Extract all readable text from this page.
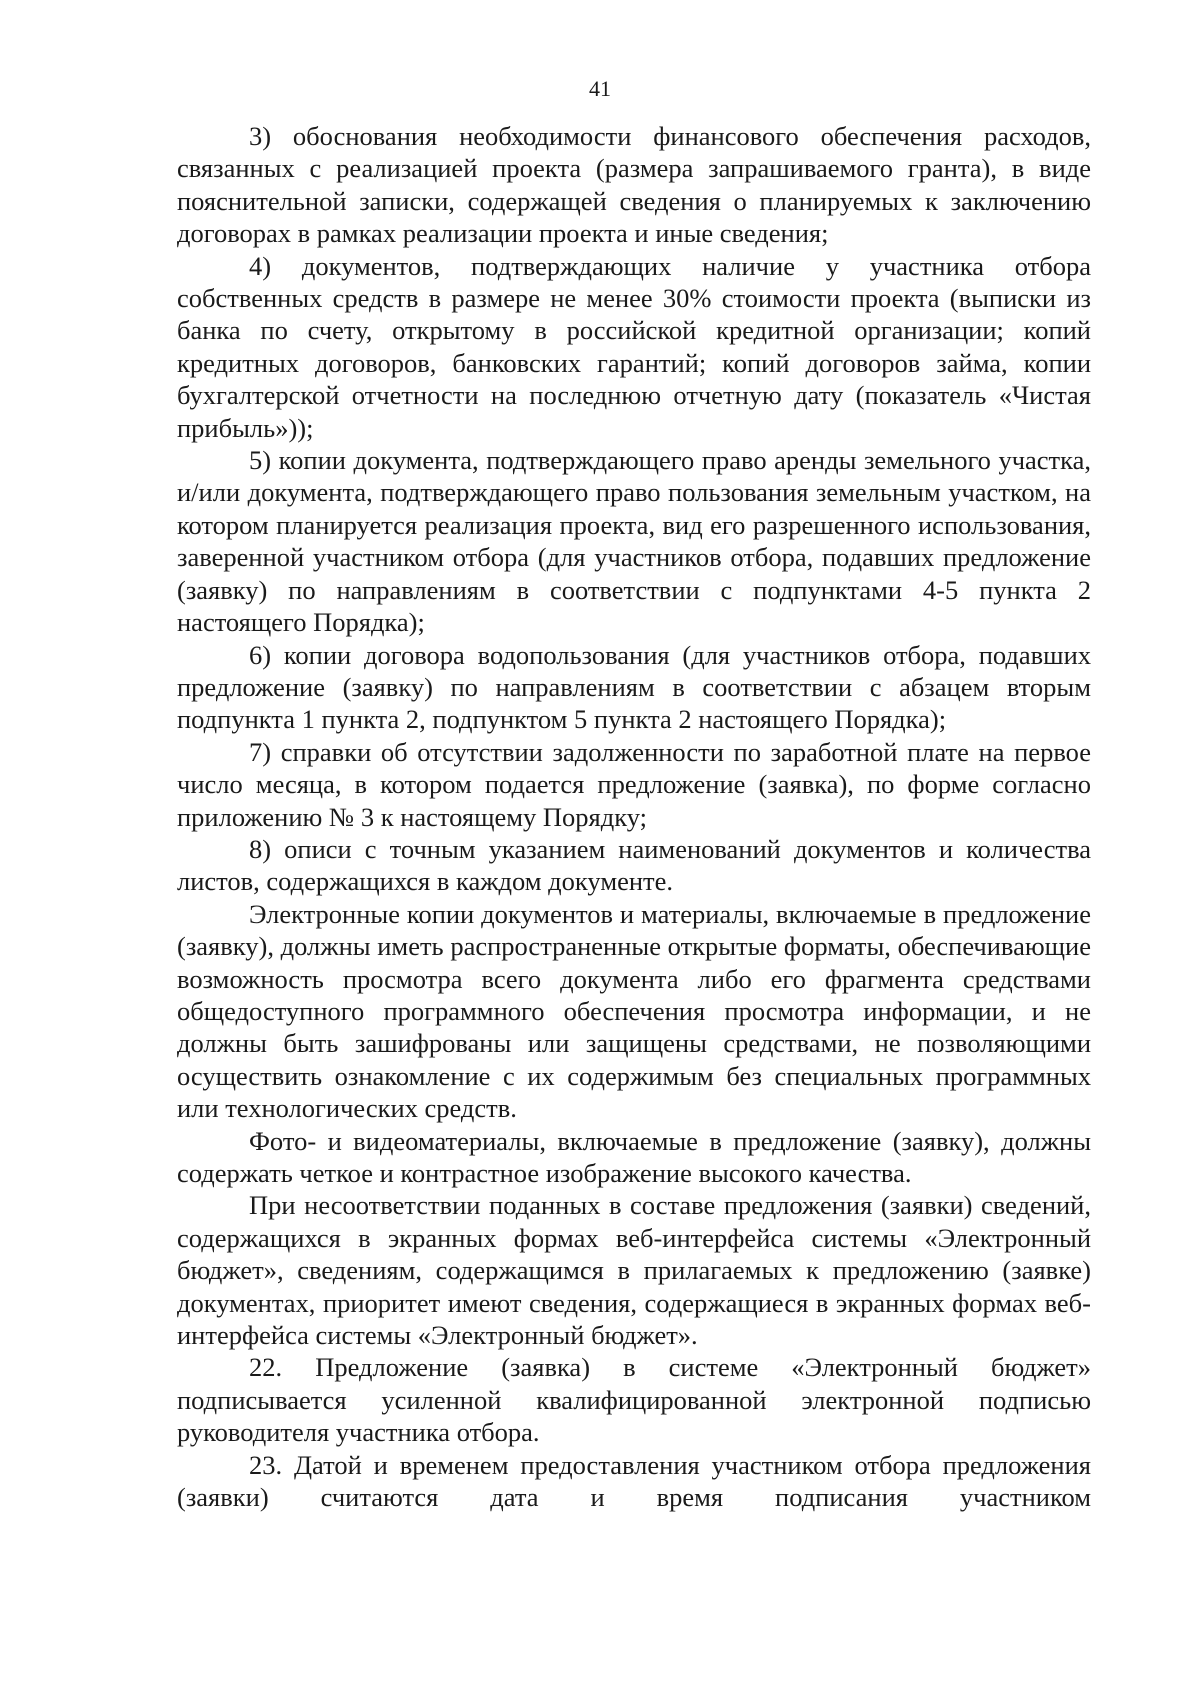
41

3) обоснования необходимости финансового обеспечения расходов, связанных с реализацией проекта (размера запрашиваемого гранта), в виде пояснительной записки, содержащей сведения о планируемых к заключению договорах в рамках реализации проекта и иные сведения;

4) документов, подтверждающих наличие у участника отбора собственных средств в размере не менее 30% стоимости проекта (выписки из банка по счету, открытому в российской кредитной организации; копий кредитных договоров, банковских гарантий; копий договоров займа, копии бухгалтерской отчетности на последнюю отчетную дату (показатель «Чистая прибыль»));

5) копии документа, подтверждающего право аренды земельного участка, и/или документа, подтверждающего право пользования земельным участком, на котором планируется реализация проекта, вид его разрешенного использования, заверенной участником отбора (для участников отбора, подавших предложение (заявку) по направлениям в соответствии с подпунктами 4-5 пункта 2 настоящего Порядка);

6) копии договора водопользования (для участников отбора, подавших предложение (заявку) по направлениям в соответствии с абзацем вторым подпункта 1 пункта 2, подпунктом 5 пункта 2 настоящего Порядка);

7) справки об отсутствии задолженности по заработной плате на первое число месяца, в котором подается предложение (заявка), по форме согласно приложению № 3 к настоящему Порядку;

8) описи с точным указанием наименований документов и количества листов, содержащихся в каждом документе.

Электронные копии документов и материалы, включаемые в предложение (заявку), должны иметь распространенные открытые форматы, обеспечивающие возможность просмотра всего документа либо его фрагмента средствами общедоступного программного обеспечения просмотра информации, и не должны быть зашифрованы или защищены средствами, не позволяющими осуществить ознакомление с их содержимым без специальных программных или технологических средств.

Фото- и видеоматериалы, включаемые в предложение (заявку), должны содержать четкое и контрастное изображение высокого качества.

При несоответствии поданных в составе предложения (заявки) сведений, содержащихся в экранных формах веб-интерфейса системы «Электронный бюджет», сведениям, содержащимся в прилагаемых к предложению (заявке) документах, приоритет имеют сведения, содержащиеся в экранных формах веб-интерфейса системы «Электронный бюджет».

22. Предложение (заявка) в системе «Электронный бюджет» подписывается усиленной квалифицированной электронной подписью руководителя участника отбора.

23. Датой и временем предоставления участником отбора предложения (заявки) считаются дата и время подписания участником
